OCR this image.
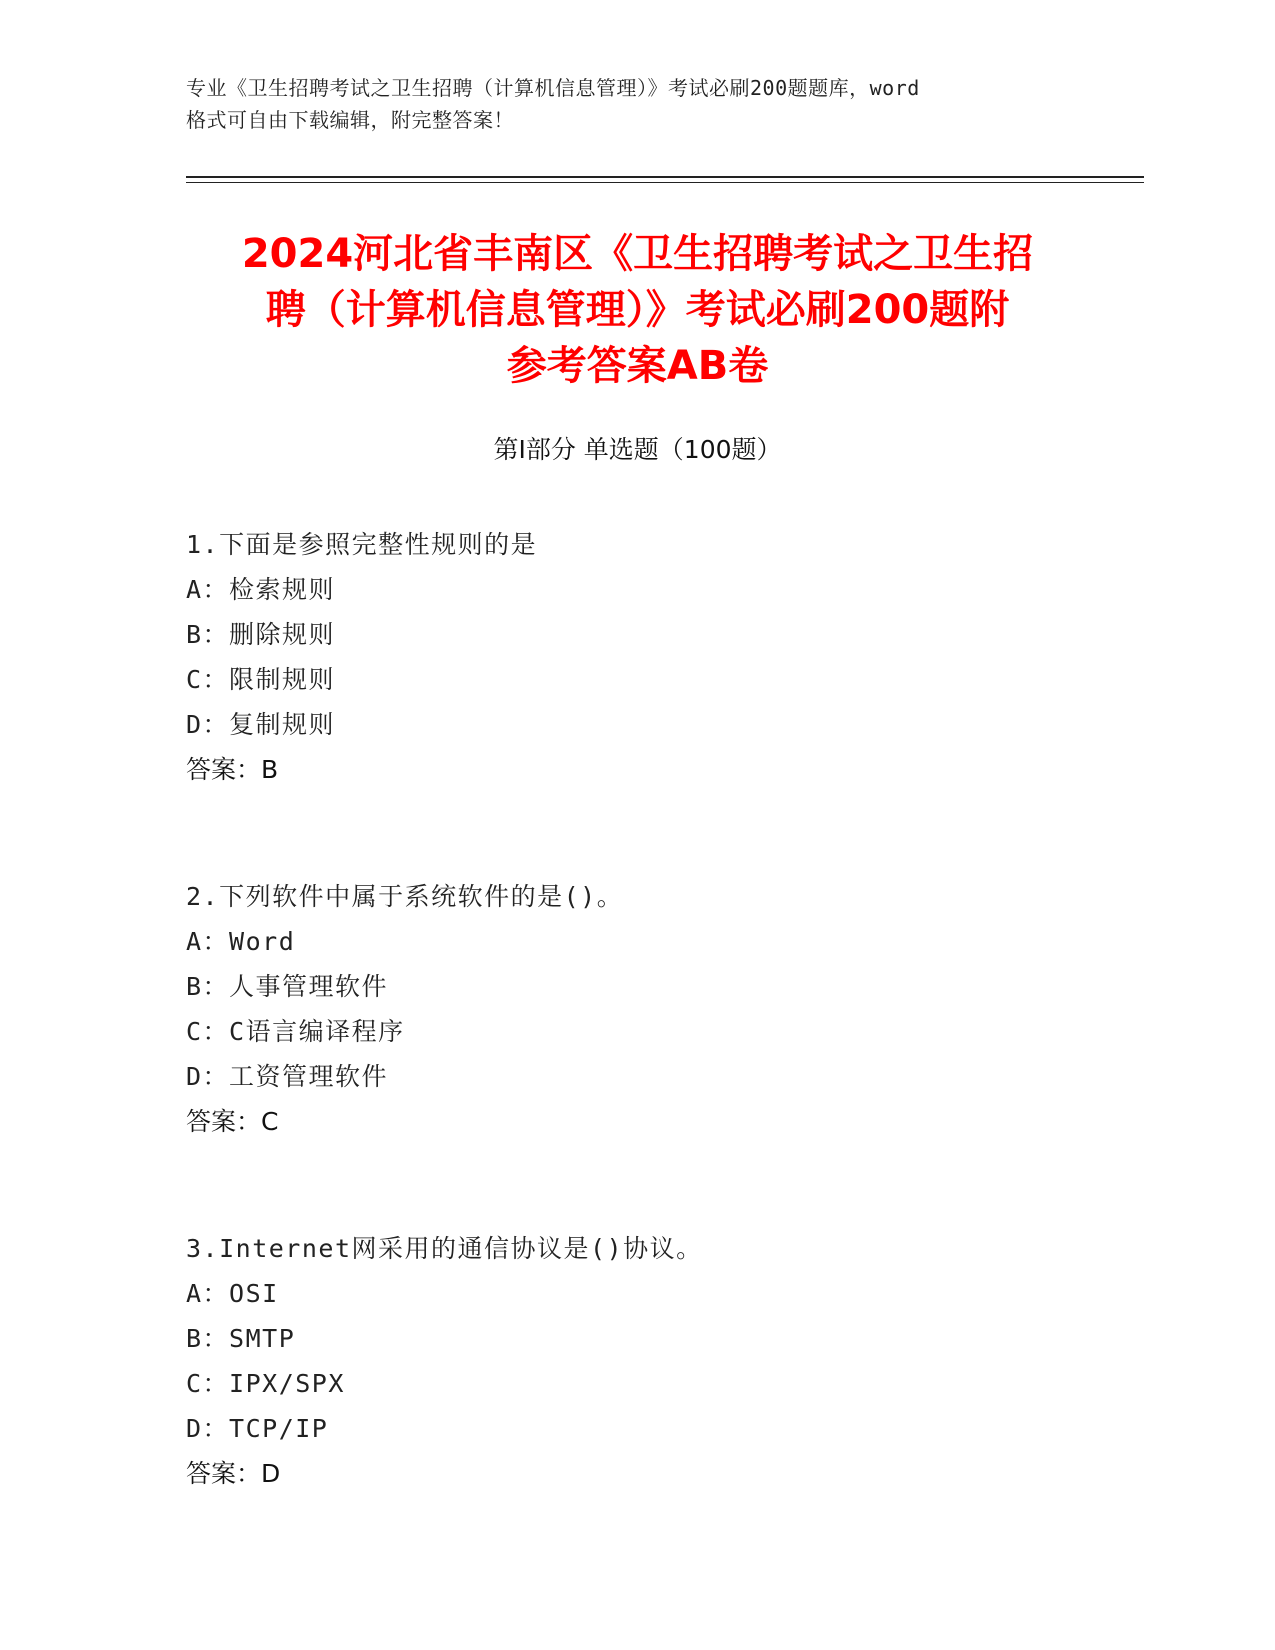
专业《卫生招聘考试之卫生招聘（计算机信息管理）》考试必刷200题题库，word
格式可自由下载编辑，附完整答案！
2024河北省丰南区《卫生招聘考试之卫生招
聘（计算机信息管理）》考试必刷200题附
参考答案AB卷
第Ⅰ部分 单选题（100题）
1.下面是参照完整性规则的是
A：检索规则
B：删除规则
C：限制规则
D：复制规则
答案：B
2.下列软件中属于系统软件的是()。
A：Word
B：人事管理软件
C：C语言编译程序
D：工资管理软件
答案：C
3.Internet网采用的通信协议是()协议。
A：OSI
B：SMTP
C：IPX/SPX
D：TCP/IP
答案：D
